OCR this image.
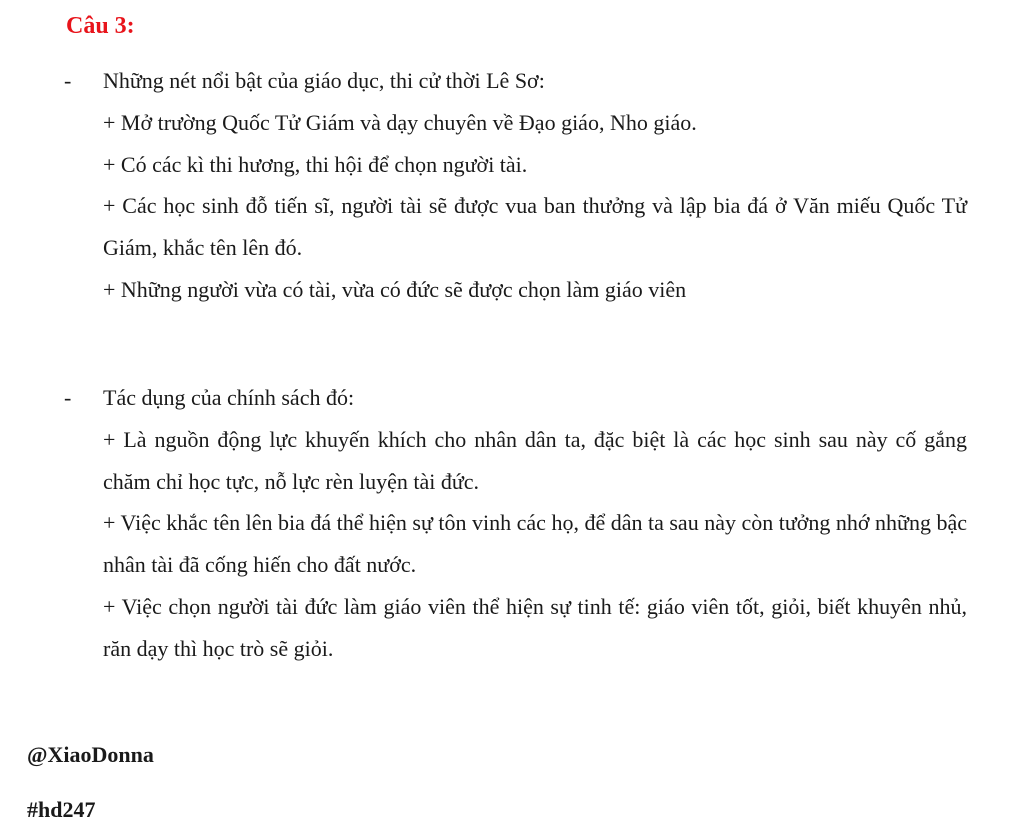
Câu 3:
- Những nét nổi bật của giáo dục, thi cử thời Lê Sơ:
+ Mở trường Quốc Tử Giám và dạy chuyên về Đạo giáo, Nho giáo.
+ Có các kì thi hương, thi hội để chọn người tài.
+ Các học sinh đỗ tiến sĩ, người tài sẽ được vua ban thưởng và lập bia đá ở Văn miếu Quốc Tử Giám, khắc tên lên đó.
+ Những người vừa có tài, vừa có đức sẽ được chọn làm giáo viên
- Tác dụng của chính sách đó:
+ Là nguồn động lực khuyến khích cho nhân dân ta, đặc biệt là các học sinh sau này cố gắng chăm chỉ học tực, nỗ lực rèn luyện tài đức.
+ Việc khắc tên lên bia đá thể hiện sự tôn vinh các họ, để dân ta sau này còn tưởng nhớ những bậc nhân tài đã cống hiến cho đất nước.
+ Việc chọn người tài đức làm giáo viên thể hiện sự tinh tế: giáo viên tốt, giỏi, biết khuyên nhủ, răn dạy thì học trò sẽ giỏi.
@XiaoDonna
#hd247
